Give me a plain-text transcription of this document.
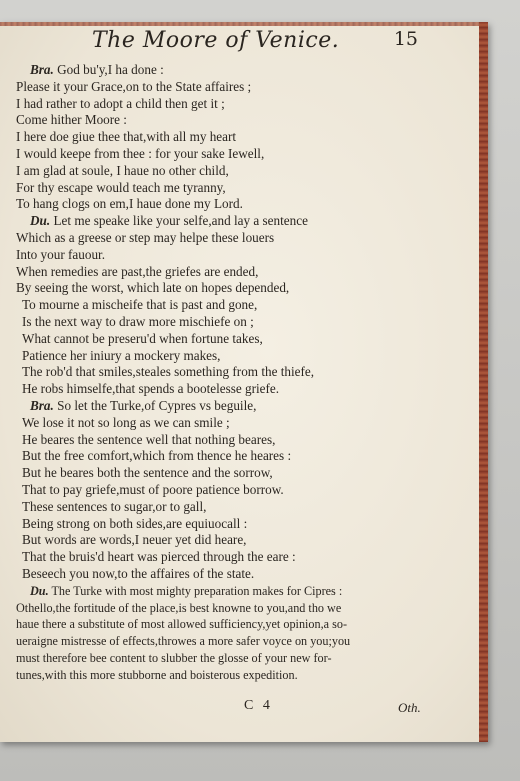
The Moore of Venice.	15
Bra. God bu'y,I ha done :
Please it your Grace,on to the State affaires ;
I had rather to adopt a child then get it ;
Come hither Moore :
I here doe giue thee that,with all my heart
I would keepe from thee : for your sake Iewell,
I am glad at soule, I haue no other child,
For thy escape would teach me tyranny,
To hang clogs on em,I haue done my Lord.
Du. Let me speake like your selfe,and lay a sentence
Which as a greese or step may helpe these louers
Into your fauour.
When remedies are past,the griefes are ended,
By seeing the worst, which late on hopes depended,
To mourne a mischeife that is past and gone,
Is the next way to draw more mischiefe on ;
What cannot be preseru'd when fortune takes,
Patience her iniury a mockery makes,
The rob'd that smiles,steales something from the thiefe,
He robs himselfe,that spends a bootelesse griefe.
Bra. So let the Turke,of Cypres vs beguile,
We lose it not so long as we can smile ;
He beares the sentence well that nothing beares,
But the free comfort,which from thence he heares :
But he beares both the sentence and the sorrow,
That to pay griefe,must of poore patience borrow.
These sentences to sugar,or to gall,
Being strong on both sides,are equiuocall :
But words are words,I neuer yet did heare,
That the bruis'd heart was pierced through the eare :
Beseech you now,to the affaires of the state.
Du. The Turke with most mighty preparation makes for Cipres :
Othello,the fortitude of the place,is best knowne to you,and tho we
haue there a substitute of most allowed sufficiency,yet opinion,a so-
ueraigne mistresse of effects,throwes a more safer voyce on you;you
must therefore bee content to slubber the glosse of your new for-
tunes,with this more stubborne and boisterous expedition.
C 4	Oth.
